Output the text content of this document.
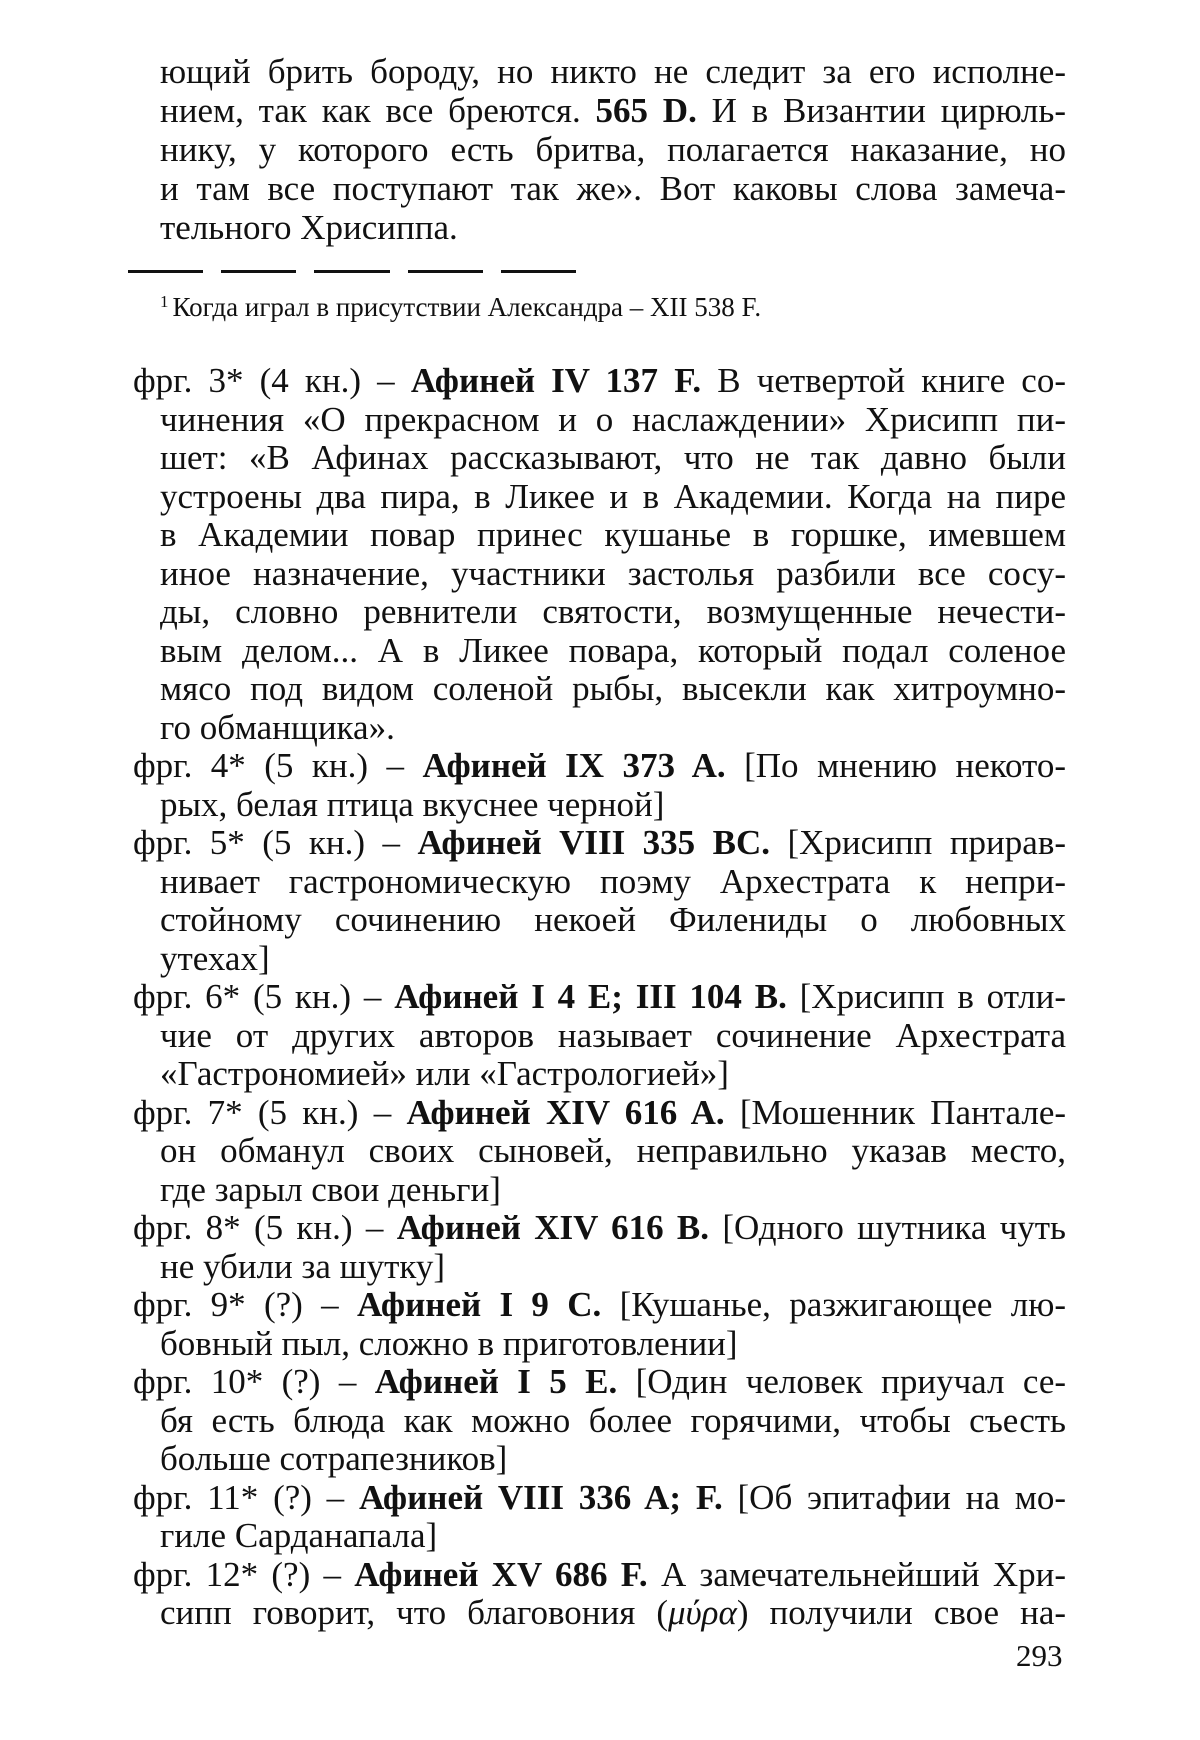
ющий брить бороду, но никто не следит за его исполне-
нием, так как все бреются. 565 D. И в Византии цирюль-
нику, у которого есть бритва, полагается наказание, но
и там все поступают так же». Вот каковы слова замеча-
тельного Хрисиппа.
$^1$ Когда играл в присутствии Александра – XII 538 F.
фрг. 3* (4 кн.) – Афиней IV 137 F. В четвертой книге со-
чинения «О прекрасном и о наслаждении» Хрисипп пи-
шет: «В Афинах рассказывают, что не так давно были
устроены два пира, в Ликее и в Академии. Когда на пире
в Академии повар принес кушанье в горшке, имевшем
иное назначение, участники застолья разбили все сосу-
ды, словно ревнители святости, возмущенные нечести-
вым делом... А в Ликее повара, который подал соленое
мясо под видом соленой рыбы, высекли как хитроумно-
го обманщика».
фрг. 4* (5 кн.) – Афиней IX 373 A. [По мнению некото-
рых, белая птица вкуснее черной]
фрг. 5* (5 кн.) – Афиней VIII 335 BC. [Хрисипп прирав-
нивает гастрономическую поэму Архестрата к непри-
стойному сочинению некоей Филениды о любовных
утехах]
фрг. 6* (5 кн.) – Афиней I 4 E; III 104 B. [Хрисипп в отли-
чие от других авторов называет сочинение Архестрата
«Гастрономией» или «Гастрологией»]
фрг. 7* (5 кн.) – Афиней XIV 616 A. [Мошенник Пантале-
он обманул своих сыновей, неправильно указав место,
где зарыл свои деньги]
фрг. 8* (5 кн.) – Афиней XIV 616 B. [Одного шутника чуть
не убили за шутку]
фрг. 9* (?) – Афиней I 9 C. [Кушанье, разжигающее лю-
бовный пыл, сложно в приготовлении]
фрг. 10* (?) – Афиней I 5 E. [Один человек приучал се-
бя есть блюда как можно более горячими, чтобы съесть
больше сотрапезников]
фрг. 11* (?) – Афиней VIII 336 A; F. [Об эпитафии на мо-
гиле Сарданапала]
фрг. 12* (?) – Афиней XV 686 F. А замечательнейший Хри-
сипп говорит, что благовония (μύρα) получили свое на-
293
